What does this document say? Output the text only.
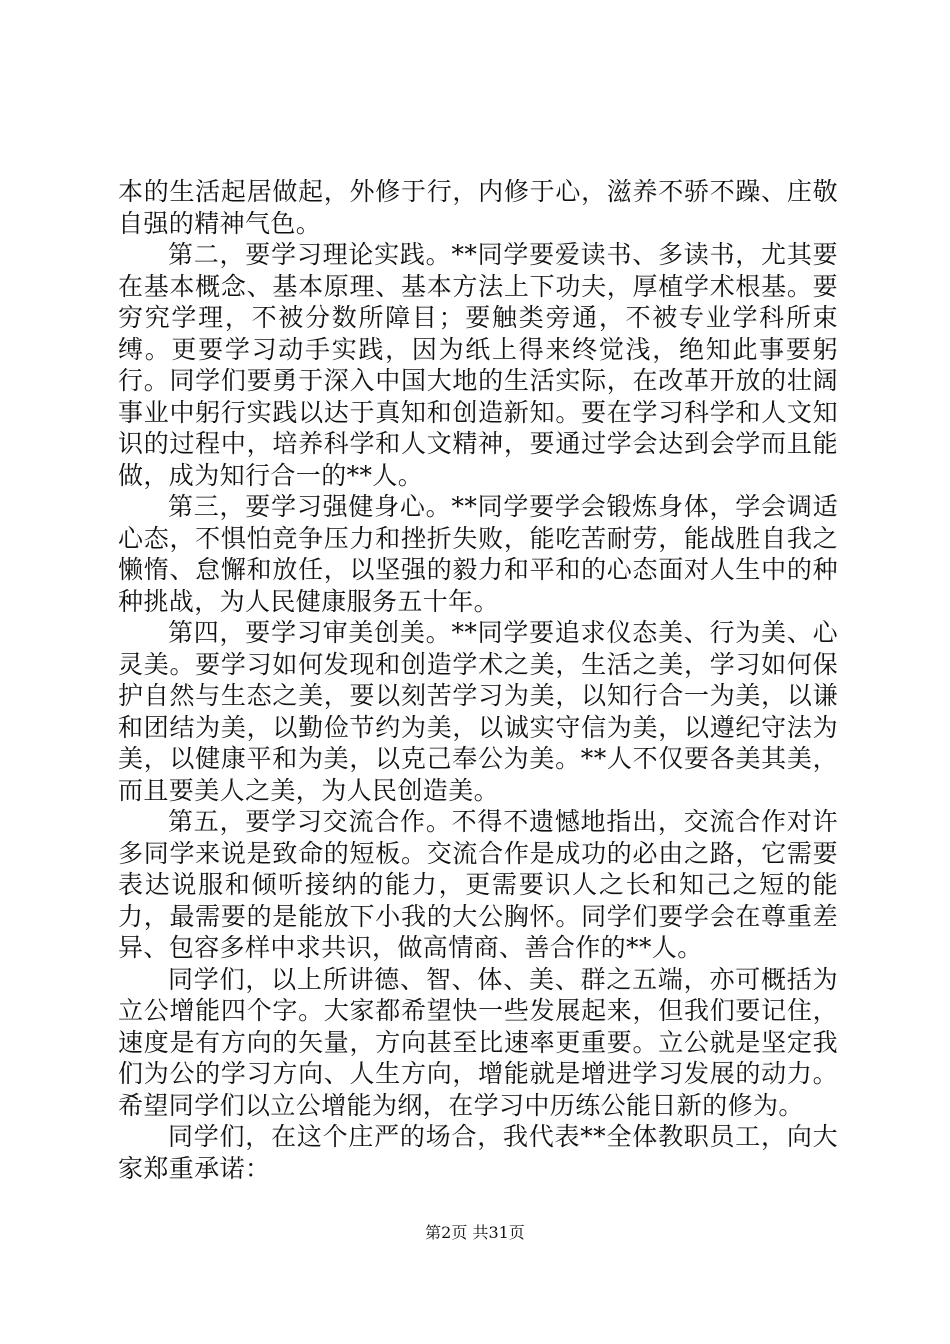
本的生活起居做起，外修于行，内修于心，滋养不骄不躁、庄敬自强的精神气色。

第二，要学习理论实践。**同学要爱读书、多读书，尤其要在基本概念、基本原理、基本方法上下功夫，厚植学术根基。要穷究学理，不被分数所障目；要触类旁通，不被专业学科所束缚。更要学习动手实践，因为纸上得来终觉浅，绝知此事要躬行。同学们要勇于深入中国大地的生活实际，在改革开放的壮阔事业中躬行实践以达于真知和创造新知。要在学习科学和人文知识的过程中，培养科学和人文精神，要通过学会达到会学而且能做，成为知行合一的**人。

第三，要学习强健身心。**同学要学会锻炼身体，学会调适心态，不惧怕竞争压力和挫折失败，能吃苦耐劳，能战胜自我之懒惰、怠懈和放任，以坚强的毅力和平和的心态面对人生中的种种挑战，为人民健康服务五十年。

第四，要学习审美创美。**同学要追求仪态美、行为美、心灵美。要学习如何发现和创造学术之美，生活之美，学习如何保护自然与生态之美，要以刻苦学习为美，以知行合一为美，以谦和团结为美，以勤俭节约为美，以诚实守信为美，以遵纪守法为美，以健康平和为美，以克己奉公为美。**人不仅要各美其美，而且要美人之美，为人民创造美。

第五，要学习交流合作。不得不遗憾地指出，交流合作对许多同学来说是致命的短板。交流合作是成功的必由之路，它需要表达说服和倾听接纳的能力，更需要识人之长和知己之短的能力，最需要的是能放下小我的大公胸怀。同学们要学会在尊重差异、包容多样中求共识，做高情商、善合作的**人。

同学们，以上所讲德、智、体、美、群之五端，亦可概括为立公增能四个字。大家都希望快一些发展起来，但我们要记住，速度是有方向的矢量，方向甚至比速率更重要。立公就是坚定我们为公的学习方向、人生方向，增能就是增进学习发展的动力。希望同学们以立公增能为纲，在学习中历练公能日新的修为。

同学们，在这个庄严的场合，我代表**全体教职员工，向大家郑重承诺：

第2页 共31页
